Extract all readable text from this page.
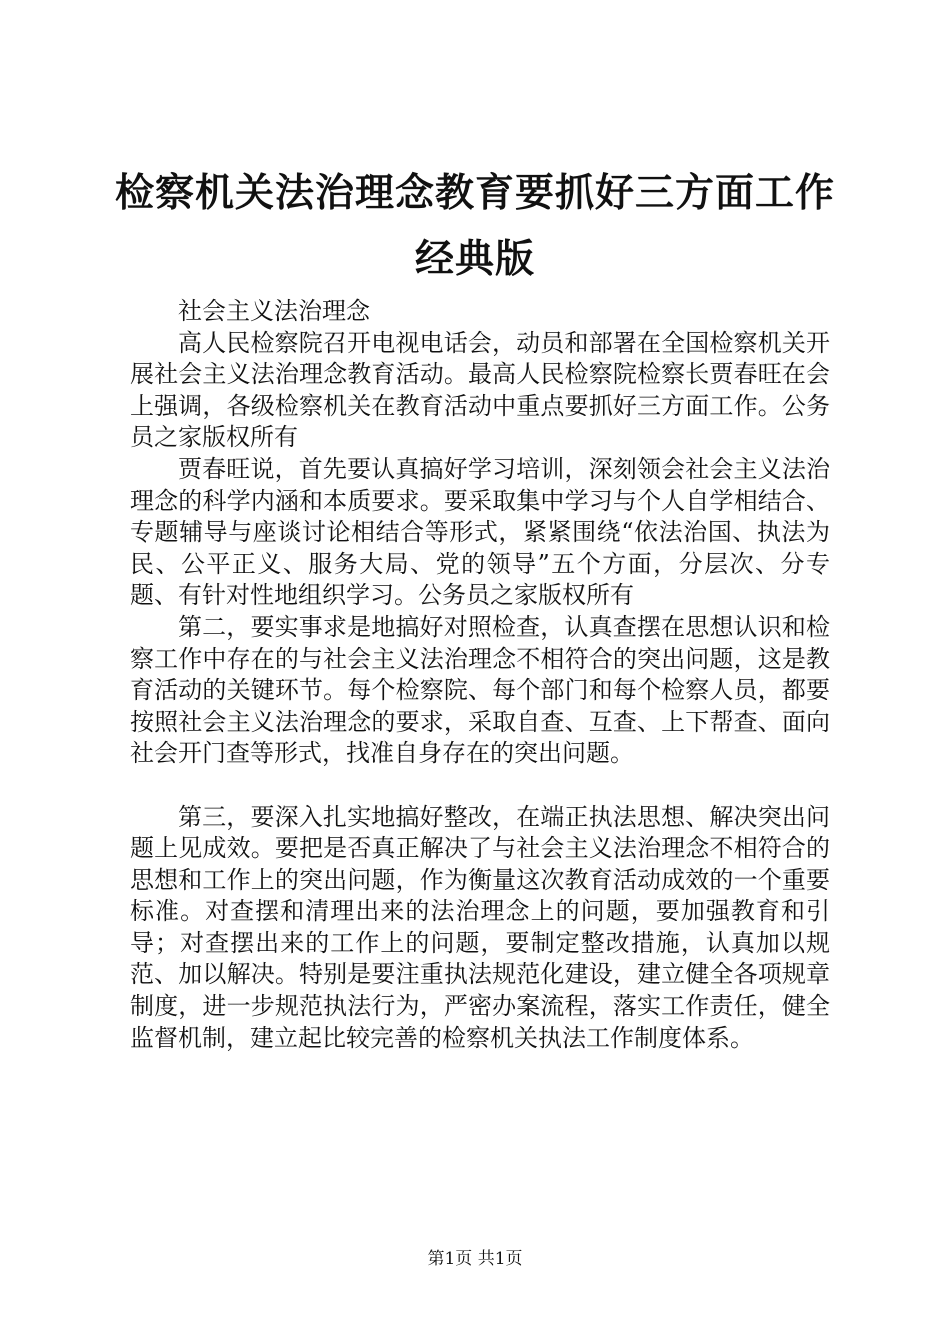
检察机关法治理念教育要抓好三方面工作经典版

社会主义法治理念

高人民检察院召开电视电话会，动员和部署在全国检察机关开展社会主义法治理念教育活动。最高人民检察院检察长贾春旺在会上强调，各级检察机关在教育活动中重点要抓好三方面工作。公务员之家版权所有

贾春旺说，首先要认真搞好学习培训，深刻领会社会主义法治理念的科学内涵和本质要求。要采取集中学习与个人自学相结合、专题辅导与座谈讨论相结合等形式，紧紧围绕“依法治国、执法为民、公平正义、服务大局、党的领导”五个方面，分层次、分专题、有针对性地组织学习。公务员之家版权所有

第二，要实事求是地搞好对照检查，认真查摆在思想认识和检察工作中存在的与社会主义法治理念不相符合的突出问题，这是教育活动的关键环节。每个检察院、每个部门和每个检察人员，都要按照社会主义法治理念的要求，采取自查、互查、上下帮查、面向社会开门查等形式，找准自身存在的突出问题。

第三，要深入扎实地搞好整改，在端正执法思想、解决突出问题上见成效。要把是否真正解决了与社会主义法治理念不相符合的思想和工作上的突出问题，作为衡量这次教育活动成效的一个重要标准。对查摆和清理出来的法治理念上的问题，要加强教育和引导；对查摆出来的工作上的问题，要制定整改措施，认真加以规范、加以解决。特别是要注重执法规范化建设，建立健全各项规章制度，进一步规范执法行为，严密办案流程，落实工作责任，健全监督机制，建立起比较完善的检察机关执法工作制度体系。

第1页 共1页
